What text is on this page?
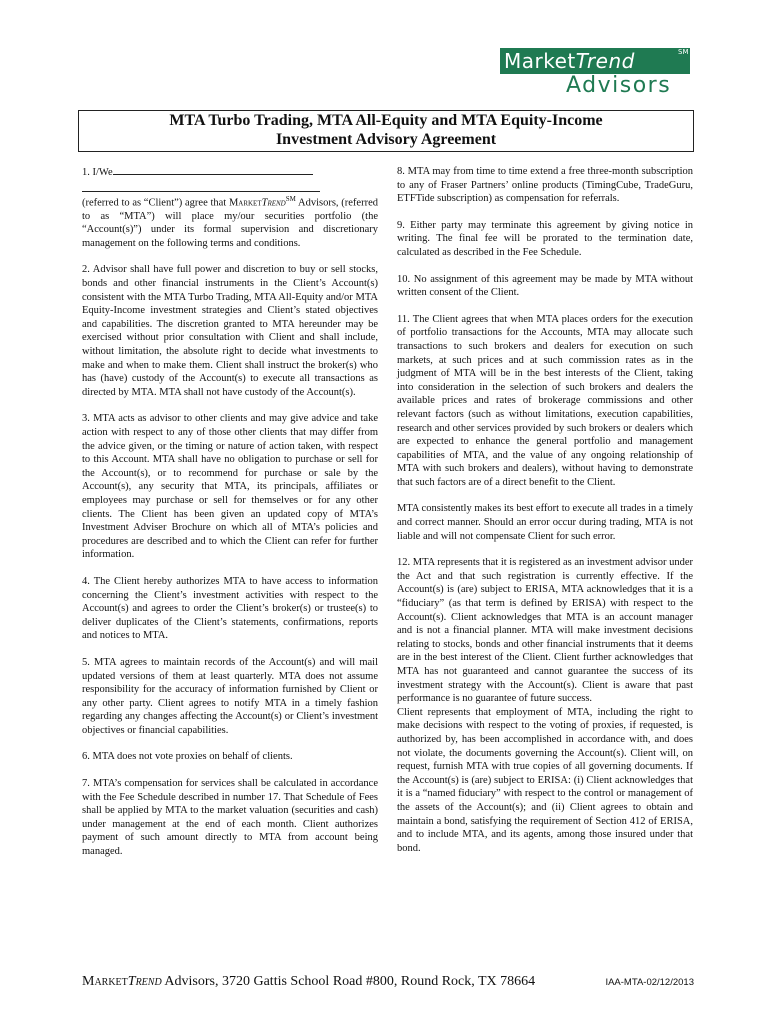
MarketTrend	SM
Advisors
MTA Turbo Trading, MTA All-Equity and MTA Equity-Income
Investment Advisory Agreement

1. I/We
(referred to as “Client”) agree that MarketTrend℠ Advisors, (referred to as “MTA”) will place my/our securities portfolio (the “Account(s)”) under its formal supervision and discretionary management on the following terms and conditions.

2. Advisor shall have full power and discretion to buy or sell stocks, bonds and other financial instruments in the Client’s Account(s) consistent with the MTA Turbo Trading, MTA All-Equity and/or MTA Equity-Income investment strategies and Client’s stated objectives and capabilities. The discretion granted to MTA hereunder may be exercised without prior consultation with Client and shall include, without limitation, the absolute right to decide what investments to make and when to make them. Client shall instruct the broker(s) who has (have) custody of the Account(s) to execute all transactions as directed by MTA. MTA shall not have custody of the Account(s).

3. MTA acts as advisor to other clients and may give advice and take action with respect to any of those other clients that may differ from the advice given, or the timing or nature of action taken, with respect to this Account. MTA shall have no obligation to purchase or sell for the Account(s), or to recommend for purchase or sale by the Account(s), any security that MTA, its principals, affiliates or employees may purchase or sell for themselves or for any other clients. The Client has been given an updated copy of MTA’s Investment Adviser Brochure on which all of MTA’s policies and procedures are described and to which the Client can refer for further information.

4. The Client hereby authorizes MTA to have access to information concerning the Client’s investment activities with respect to the Account(s) and agrees to order the Client’s broker(s) or trustee(s) to deliver duplicates of the Client’s statements, confirmations, reports and notices to MTA.

5. MTA agrees to maintain records of the Account(s) and will mail updated versions of them at least quarterly. MTA does not assume responsibility for the accuracy of information furnished by Client or any other party. Client agrees to notify MTA in a timely fashion regarding any changes affecting the Account(s) or Client’s investment objectives or financial capabilities.

6. MTA does not vote proxies on behalf of clients.

7. MTA’s compensation for services shall be calculated in accordance with the Fee Schedule described in number 17. That Schedule of Fees shall be applied by MTA to the market valuation (securities and cash) under management at the end of each month. Client authorizes payment of such amount directly to MTA from account being managed.

8. MTA may from time to time extend a free three-month subscription to any of Fraser Partners’ online products (TimingCube, TradeGuru, ETFTide subscription) as compensation for referrals.

9. Either party may terminate this agreement by giving notice in writing. The final fee will be prorated to the termination date, calculated as described in the Fee Schedule.

10. No assignment of this agreement may be made by MTA without written consent of the Client.

11. The Client agrees that when MTA places orders for the execution of portfolio transactions for the Accounts, MTA may allocate such transactions to such brokers and dealers for execution on such markets, at such prices and at such commission rates as in the judgment of MTA will be in the best interests of the Client, taking into consideration in the selection of such brokers and dealers the available prices and rates of brokerage commissions and other relevant factors (such as without limitations, execution capabilities, research and other services provided by such brokers or dealers which are expected to enhance the general portfolio and management capabilities of MTA, and the value of any ongoing relationship of MTA with such brokers and dealers), without having to demonstrate that such factors are of a direct benefit to the Client.

MTA consistently makes its best effort to execute all trades in a timely and correct manner. Should an error occur during trading, MTA is not liable and will not compensate Client for such error.

12. MTA represents that it is registered as an investment advisor under the Act and that such registration is currently effective. If the Account(s) is (are) subject to ERISA, MTA acknowledges that it is a “fiduciary” (as that term is defined by ERISA) with respect to the Account(s). Client acknowledges that MTA is an account manager and is not a financial planner. MTA will make investment decisions relating to stocks, bonds and other financial instruments that it deems are in the best interest of the Client. Client further acknowledges that MTA has not guaranteed and cannot guarantee the success of its investment strategy with the Account(s). Client is aware that past performance is no guarantee of future success.

Client represents that employment of MTA, including the right to make decisions with respect to the voting of proxies, if requested, is authorized by, has been accomplished in accordance with, and does not violate, the documents governing the Account(s). Client will, on request, furnish MTA with true copies of all governing documents. If the Account(s) is (are) subject to ERISA: (i) Client acknowledges that it is a “named fiduciary” with respect to the control or management of the assets of the Account(s); and (ii) Client agrees to obtain and maintain a bond, satisfying the requirement of Section 412 of ERISA, and to include MTA, and its agents, among those insured under that bond.

MarketTrend Advisors, 3720 Gattis School Road #800, Round Rock, TX 78664	IAA-MTA-02/12/2013
